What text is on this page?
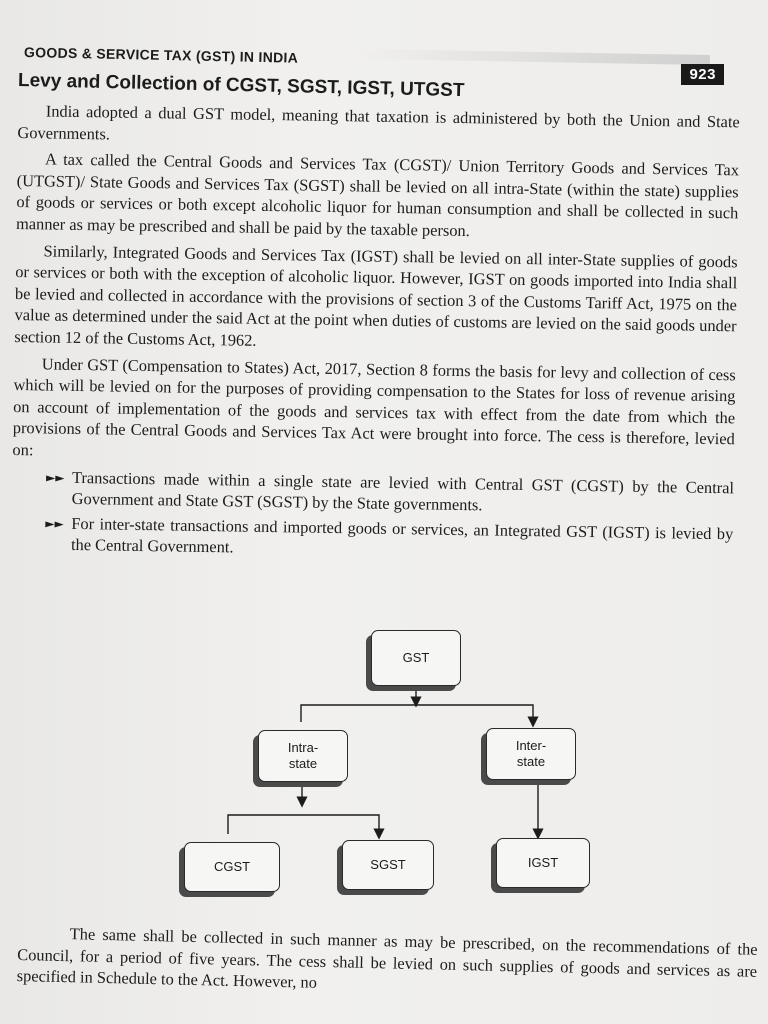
GOODS & SERVICE TAX (GST) IN INDIA
923
Levy and Collection of CGST, SGST, IGST, UTGST

India adopted a dual GST model, meaning that taxation is administered by both the Union and State Governments.

A tax called the Central Goods and Services Tax (CGST)/ Union Territory Goods and Services Tax (UTGST)/ State Goods and Services Tax (SGST) shall be levied on all intra-State (within the state) supplies of goods or services or both except alcoholic liquor for human consumption and shall be collected in such manner as may be prescribed and shall be paid by the taxable person.

Similarly, Integrated Goods and Services Tax (IGST) shall be levied on all inter-State supplies of goods or services or both with the exception of alcoholic liquor. However, IGST on goods imported into India shall be levied and collected in accordance with the provisions of section 3 of the Customs Tariff Act, 1975 on the value as determined under the said Act at the point when duties of customs are levied on the said goods under section 12 of the Customs Act, 1962.

Under GST (Compensation to States) Act, 2017, Section 8 forms the basis for levy and collection of cess which will be levied on for the purposes of providing compensation to the States for loss of revenue arising on account of implementation of the goods and services tax with effect from the date from which the provisions of the Central Goods and Services Tax Act were brought into force. The cess is therefore, levied on:

►► Transactions made within a single state are levied with Central GST (CGST) by the Central Government and State GST (SGST) by the State governments.
►► For inter-state transactions and imported goods or services, an Integrated GST (IGST) is levied by the Central Government.
GST
Intra-
state
Inter-
state
CGST	SGST	IGST

The same shall be collected in such manner as may be prescribed, on the recommendations of the Council, for a period of five years. The cess shall be levied on such supplies of goods and services as are specified in Schedule to the Act. However, no
